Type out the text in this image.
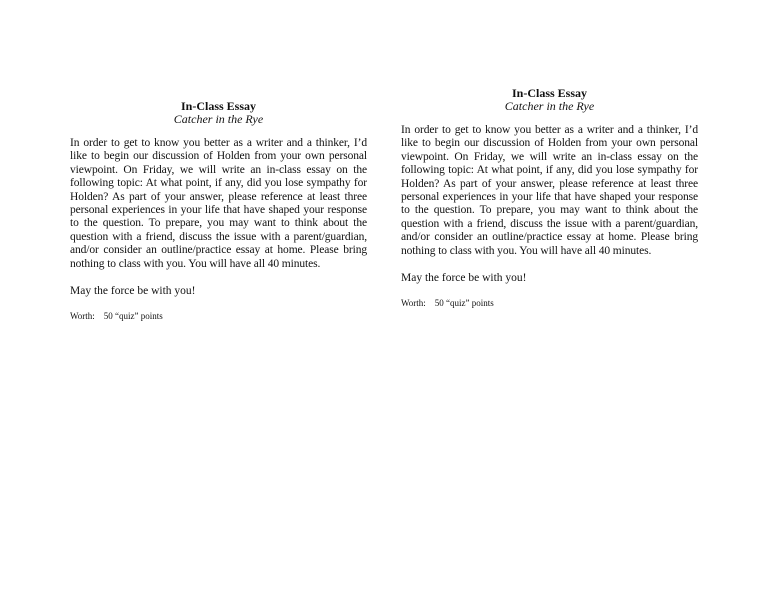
In-Class Essay

Catcher in the Rye

In order to get to know you better as a writer and a thinker, I’d like to begin our discussion of Holden from your own personal viewpoint. On Friday, we will write an in-class essay on the following topic: At what point, if any, did you lose sympathy for Holden? As part of your answer, please reference at least three personal experiences in your life that have shaped your response to the question. To prepare, you may want to think about the question with a friend, discuss the issue with a parent/guardian, and/or consider an outline/practice essay at home. Please bring nothing to class with you. You will have all 40 minutes.

May the force be with you!

Worth:    50 “quiz” points

In-Class Essay

Catcher in the Rye

In order to get to know you better as a writer and a thinker, I’d like to begin our discussion of Holden from your own personal viewpoint. On Friday, we will write an in-class essay on the following topic: At what point, if any, did you lose sympathy for Holden? As part of your answer, please reference at least three personal experiences in your life that have shaped your response to the question. To prepare, you may want to think about the question with a friend, discuss the issue with a parent/guardian, and/or consider an outline/practice essay at home. Please bring nothing to class with you. You will have all 40 minutes.

May the force be with you!

Worth:    50 “quiz” points
